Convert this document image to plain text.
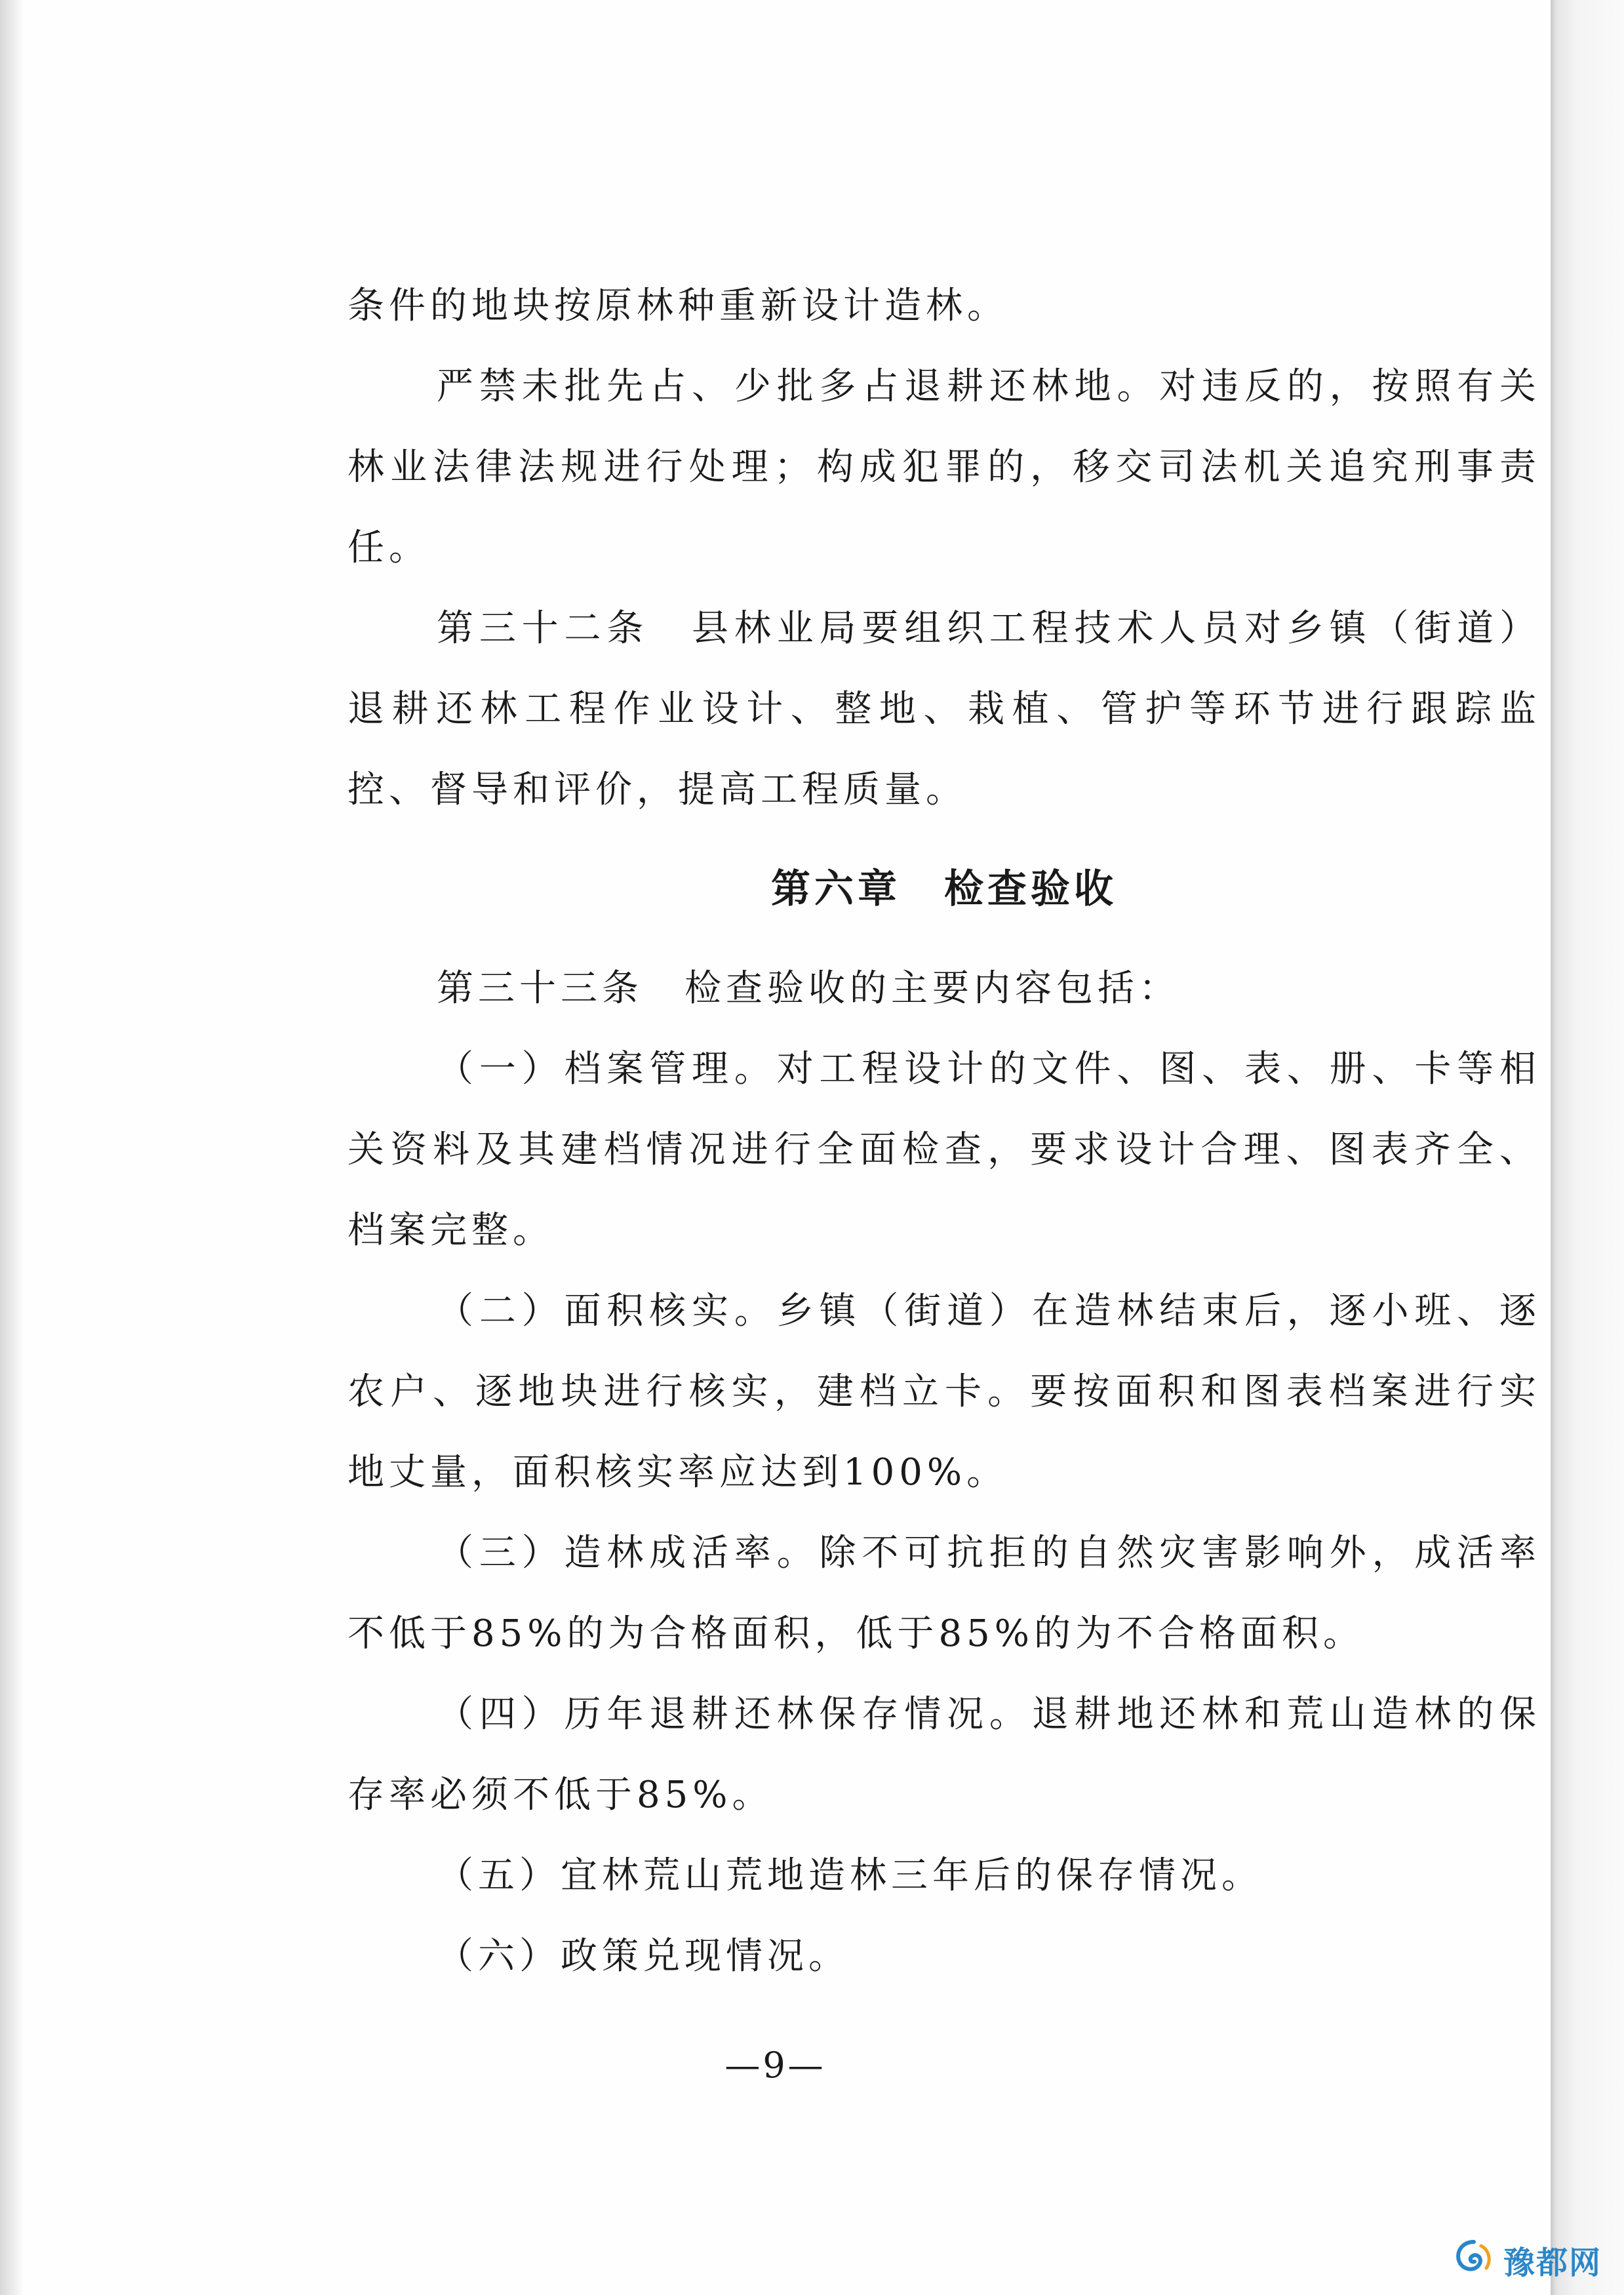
条件的地块按原林种重新设计造林。

严禁未批先占、少批多占退耕还林地。对违反的，按照有关林业法律法规进行处理；构成犯罪的，移交司法机关追究刑事责任。

第三十二条　县林业局要组织工程技术人员对乡镇（街道）退耕还林工程作业设计、整地、栽植、管护等环节进行跟踪监控、督导和评价，提高工程质量。

第六章　检查验收

第三十三条　检查验收的主要内容包括：

（一）档案管理。对工程设计的文件、图、表、册、卡等相关资料及其建档情况进行全面检查，要求设计合理、图表齐全、档案完整。

（二）面积核实。乡镇（街道）在造林结束后，逐小班、逐农户、逐地块进行核实，建档立卡。要按面积和图表档案进行实地丈量，面积核实率应达到100%。

（三）造林成活率。除不可抗拒的自然灾害影响外，成活率不低于85%的为合格面积，低于85%的为不合格面积。

（四）历年退耕还林保存情况。退耕地还林和荒山造林的保存率必须不低于85%。

（五）宜林荒山荒地造林三年后的保存情况。

（六）政策兑现情况。

—9—
豫都网
